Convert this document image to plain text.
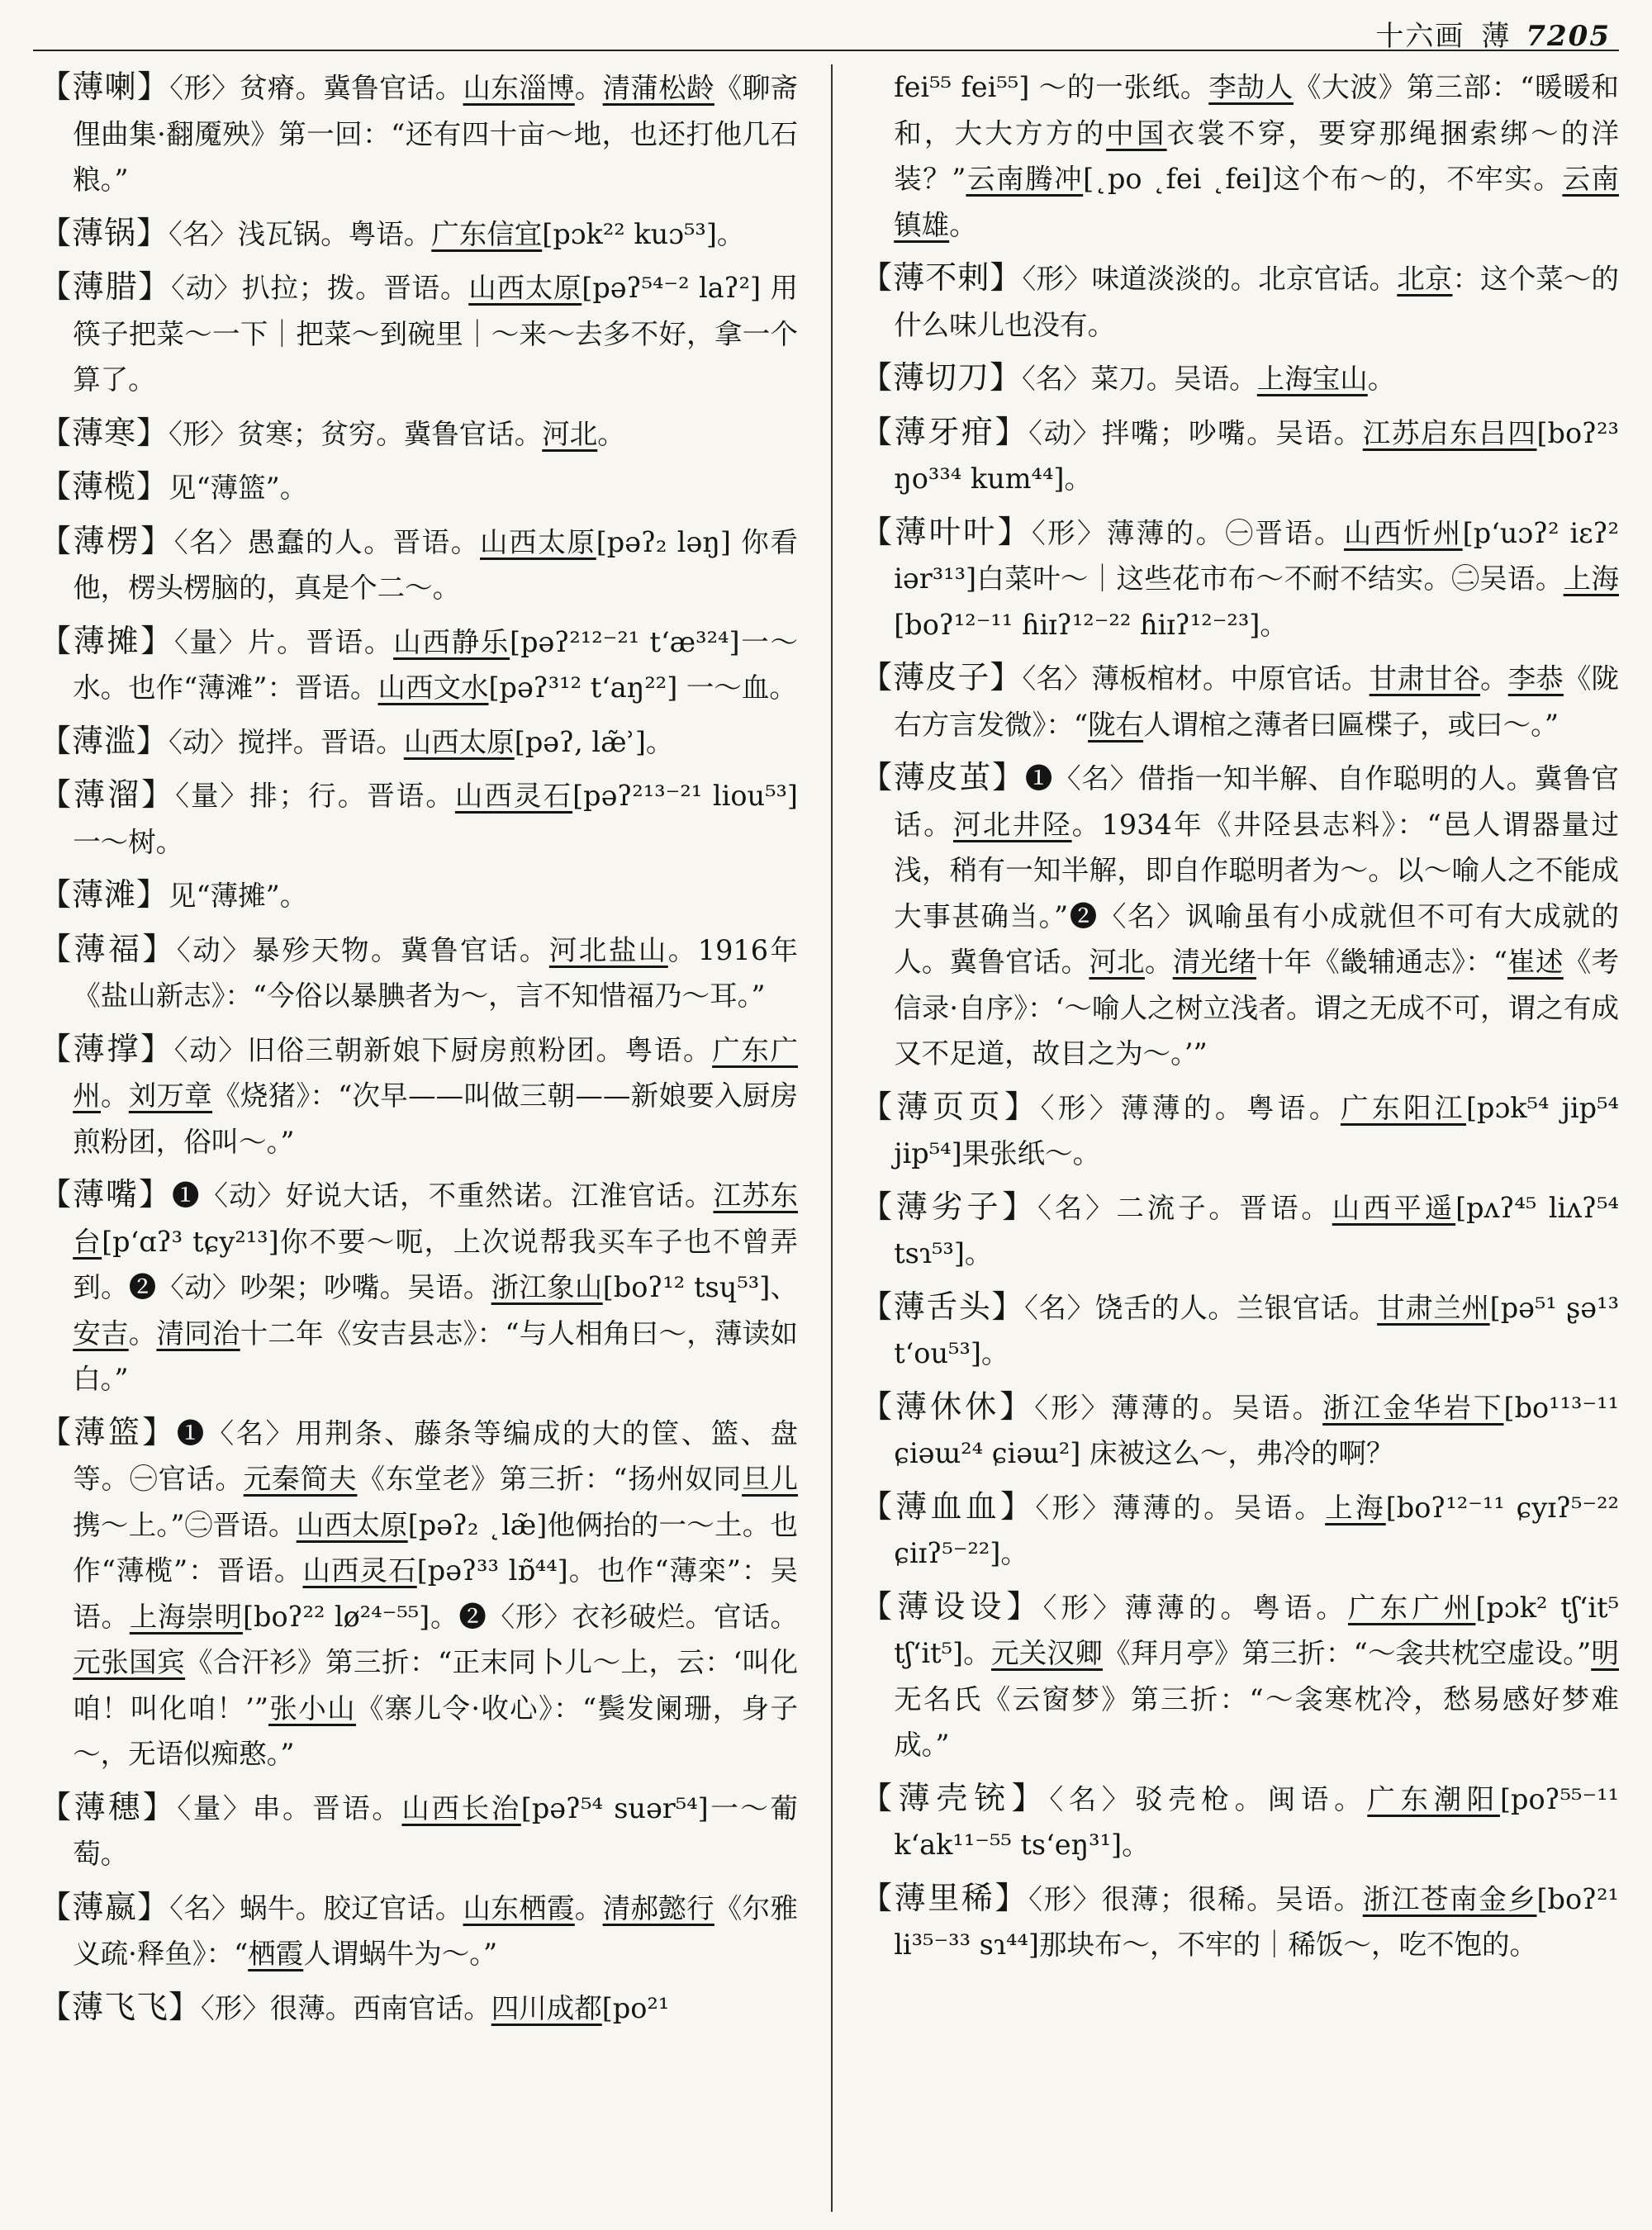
十六画 薄 7205

【薄喇】〈形〉贫瘠。冀鲁官话。山东淄博。清蒲松龄《聊斋俚曲集·翻魇殃》第一回：“还有四十亩～地，也还打他几石粮。”

【薄锅】〈名〉浅瓦锅。粤语。广东信宜[pɔk²² kuɔ⁵³]。

【薄腊】〈动〉扒拉；拨。晋语。山西太原[pəʔ⁵⁴⁻² laʔ²] 用筷子把菜～一下｜把菜～到碗里｜～来～去多不好，拿一个算了。

【薄寒】〈形〉贫寒；贫穷。冀鲁官话。河北。

【薄榄】见“薄篮”。

【薄楞】〈名〉愚蠢的人。晋语。山西太原[pəʔ₂ ləŋ] 你看他，楞头楞脑的，真是个二～。

【薄摊】〈量〉片。晋语。山西静乐[pəʔ²¹²⁻²¹ tʻæ³²⁴]一～水。也作“薄滩”：晋语。山西文水[pəʔ³¹² tʻaŋ²²] 一～血。

【薄滥】〈动〉搅拌。晋语。山西太原[pəʔ, læ̃ʾ]。

【薄溜】〈量〉排；行。晋语。山西灵石[pəʔ²¹³⁻²¹ liou⁵³] 一～树。

【薄滩】见“薄摊”。

【薄福】〈动〉暴殄天物。冀鲁官话。河北盐山。1916年《盐山新志》：“今俗以暴腆者为～，言不知惜福乃～耳。”

【薄撑】〈动〉旧俗三朝新娘下厨房煎粉团。粤语。广东广州。刘万章《烧猪》：“次早——叫做三朝——新娘要入厨房煎粉团，俗叫～。”

【薄嘴】❶〈动〉好说大话，不重然诺。江淮官话。江苏东台[pʻɑʔ³ tɕy²¹³]你不要～呃，上次说帮我买车子也不曾弄到。❷〈动〉吵架；吵嘴。吴语。浙江象山[boʔ¹² tsɥ⁵³]、安吉。清同治十二年《安吉县志》：“与人相角曰～，薄读如白。”

【薄篮】❶〈名〉用荆条、藤条等编成的大的筐、篮、盘等。㊀官话。元秦简夫《东堂老》第三折：“扬州奴同旦儿携～上。”㊁晋语。山西太原[pəʔ₂ ˛læ̃]他俩抬的一～土。也作“薄榄”：晋语。山西灵石[pəʔ³³ lɒ̃⁴⁴]。也作“薄栾”：吴语。上海崇明[boʔ²² lø²⁴⁻⁵⁵]。❷〈形〉衣衫破烂。官话。元张国宾《合汗衫》第三折：“正末同卜儿～上，云：‘叫化咱！叫化咱！’”张小山《寨儿令·收心》：“鬓发阑珊，身子～，无语似痴憨。”

【薄穗】〈量〉串。晋语。山西长治[pəʔ⁵⁴ suər⁵⁴]一～葡萄。

【薄嬴】〈名〉蜗牛。胶辽官话。山东栖霞。清郝懿行《尔雅义疏·释鱼》：“栖霞人谓蜗牛为～。”

【薄飞飞】〈形〉很薄。西南官话。四川成都[po²¹

fei⁵⁵ fei⁵⁵] ～的一张纸。李劼人《大波》第三部：“暖暖和和，大大方方的中国衣裳不穿，要穿那绳捆索绑～的洋装？”云南腾冲[˛po ˛fei ˛fei]这个布～的，不牢实。云南镇雄。

【薄不剌】〈形〉味道淡淡的。北京官话。北京：这个菜～的什么味儿也没有。

【薄切刀】〈名〉菜刀。吴语。上海宝山。

【薄牙疳】〈动〉拌嘴；吵嘴。吴语。江苏启东吕四[boʔ²³ ŋo³³⁴ kum⁴⁴]。

【薄叶叶】〈形〉薄薄的。㊀晋语。山西忻州[pʻuɔʔ² iɛʔ² iər³¹³]白菜叶～｜这些花市布～不耐不结实。㊁吴语。上海[boʔ¹²⁻¹¹ ɦiɪʔ¹²⁻²² ɦiɪʔ¹²⁻²³]。

【薄皮子】〈名〉薄板棺材。中原官话。甘肃甘谷。李恭《陇右方言发微》：“陇右人谓棺之薄者曰匾楪子，或曰～。”

【薄皮茧】❶〈名〉借指一知半解、自作聪明的人。冀鲁官话。河北井陉。1934年《井陉县志料》：“邑人谓器量过浅，稍有一知半解，即自作聪明者为～。以～喻人之不能成大事甚确当。”❷〈名〉讽喻虽有小成就但不可有大成就的人。冀鲁官话。河北。清光绪十年《畿辅通志》：“崔述《考信录·自序》：‘～喻人之树立浅者。谓之无成不可，谓之有成又不足道，故目之为～。’”

【薄页页】〈形〉薄薄的。粤语。广东阳江[pɔk⁵⁴ jip⁵⁴ jip⁵⁴]果张纸～。

【薄劣子】〈名〉二流子。晋语。山西平遥[pʌʔ⁴⁵ liʌʔ⁵⁴ tsɿ⁵³]。

【薄舌头】〈名〉饶舌的人。兰银官话。甘肃兰州[pə⁵¹ ʂə¹³ tʻou⁵³]。

【薄休休】〈形〉薄薄的。吴语。浙江金华岩下[bo¹¹³⁻¹¹ ɕiəɯ²⁴ ɕiəɯ²] 床被这么～，弗冷的啊？

【薄血血】〈形〉薄薄的。吴语。上海[boʔ¹²⁻¹¹ ɕyɪʔ⁵⁻²² ɕiɪʔ⁵⁻²²]。

【薄设设】〈形〉薄薄的。粤语。广东广州[pɔk² tʃʻit⁵ tʃʻit⁵]。元关汉卿《拜月亭》第三折：“～衾共枕空虚设。”明无名氏《云窗梦》第三折：“～衾寒枕冷，愁易感好梦难成。”

【薄壳铳】〈名〉驳壳枪。闽语。广东潮阳[poʔ⁵⁵⁻¹¹ kʻak¹¹⁻⁵⁵ tsʻeŋ³¹]。

【薄里稀】〈形〉很薄；很稀。吴语。浙江苍南金乡[boʔ²¹ li³⁵⁻³³ sɿ⁴⁴]那块布～，不牢的｜稀饭～，吃不饱的。
